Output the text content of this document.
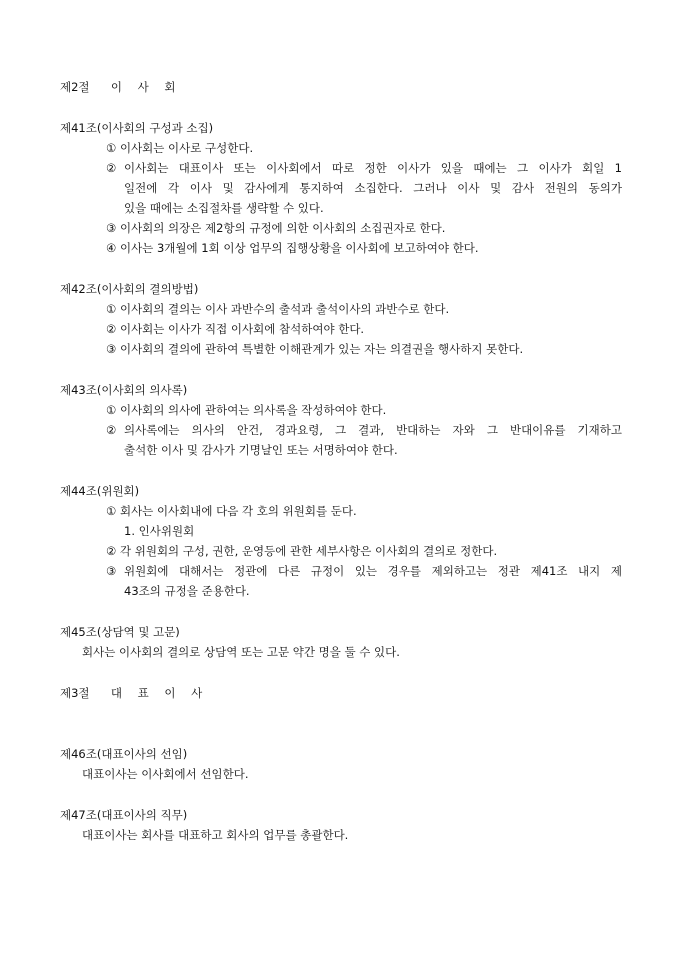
제2절 이 사 회
제41조(이사회의 구성과 소집)
① 이사회는 이사로 구성한다.
② 이사회는 대표이사 또는 이사회에서 따로 정한 이사가 있을 때에는 그 이사가 회일 1
일전에 각 이사 및 감사에게 통지하여 소집한다. 그러나 이사 및 감사 전원의 동의가
있을 때에는 소집절차를 생략할 수 있다.
③ 이사회의 의장은 제2항의 규정에 의한 이사회의 소집권자로 한다.
④ 이사는 3개월에 1회 이상 업무의 집행상황을 이사회에 보고하여야 한다.
제42조(이사회의 결의방법)
① 이사회의 결의는 이사 과반수의 출석과 출석이사의 과반수로 한다.
② 이사회는 이사가 직접 이사회에 참석하여야 한다.
③ 이사회의 결의에 관하여 특별한 이해관계가 있는 자는 의결권을 행사하지 못한다.
제43조(이사회의 의사록)
① 이사회의 의사에 관하여는 의사록을 작성하여야 한다.
② 의사록에는 의사의 안건, 경과요령, 그 결과, 반대하는 자와 그 반대이유를 기재하고
출석한 이사 및 감사가 기명날인 또는 서명하여야 한다.
제44조(위원회)
① 회사는 이사회내에 다음 각 호의 위원회를 둔다.
1. 인사위원회
② 각 위원회의 구성, 권한, 운영등에 관한 세부사항은 이사회의 결의로 정한다.
③ 위원회에 대해서는 정관에 다른 규정이 있는 경우를 제외하고는 정관 제41조 내지 제
43조의 규정을 준용한다.
제45조(상담역 및 고문)
회사는 이사회의 결의로 상담역 또는 고문 약간 명을 둘 수 있다.
제3절 대 표 이 사
제46조(대표이사의 선임)
대표이사는 이사회에서 선임한다.
제47조(대표이사의 직무)
대표이사는 회사를 대표하고 회사의 업무를 총괄한다.
